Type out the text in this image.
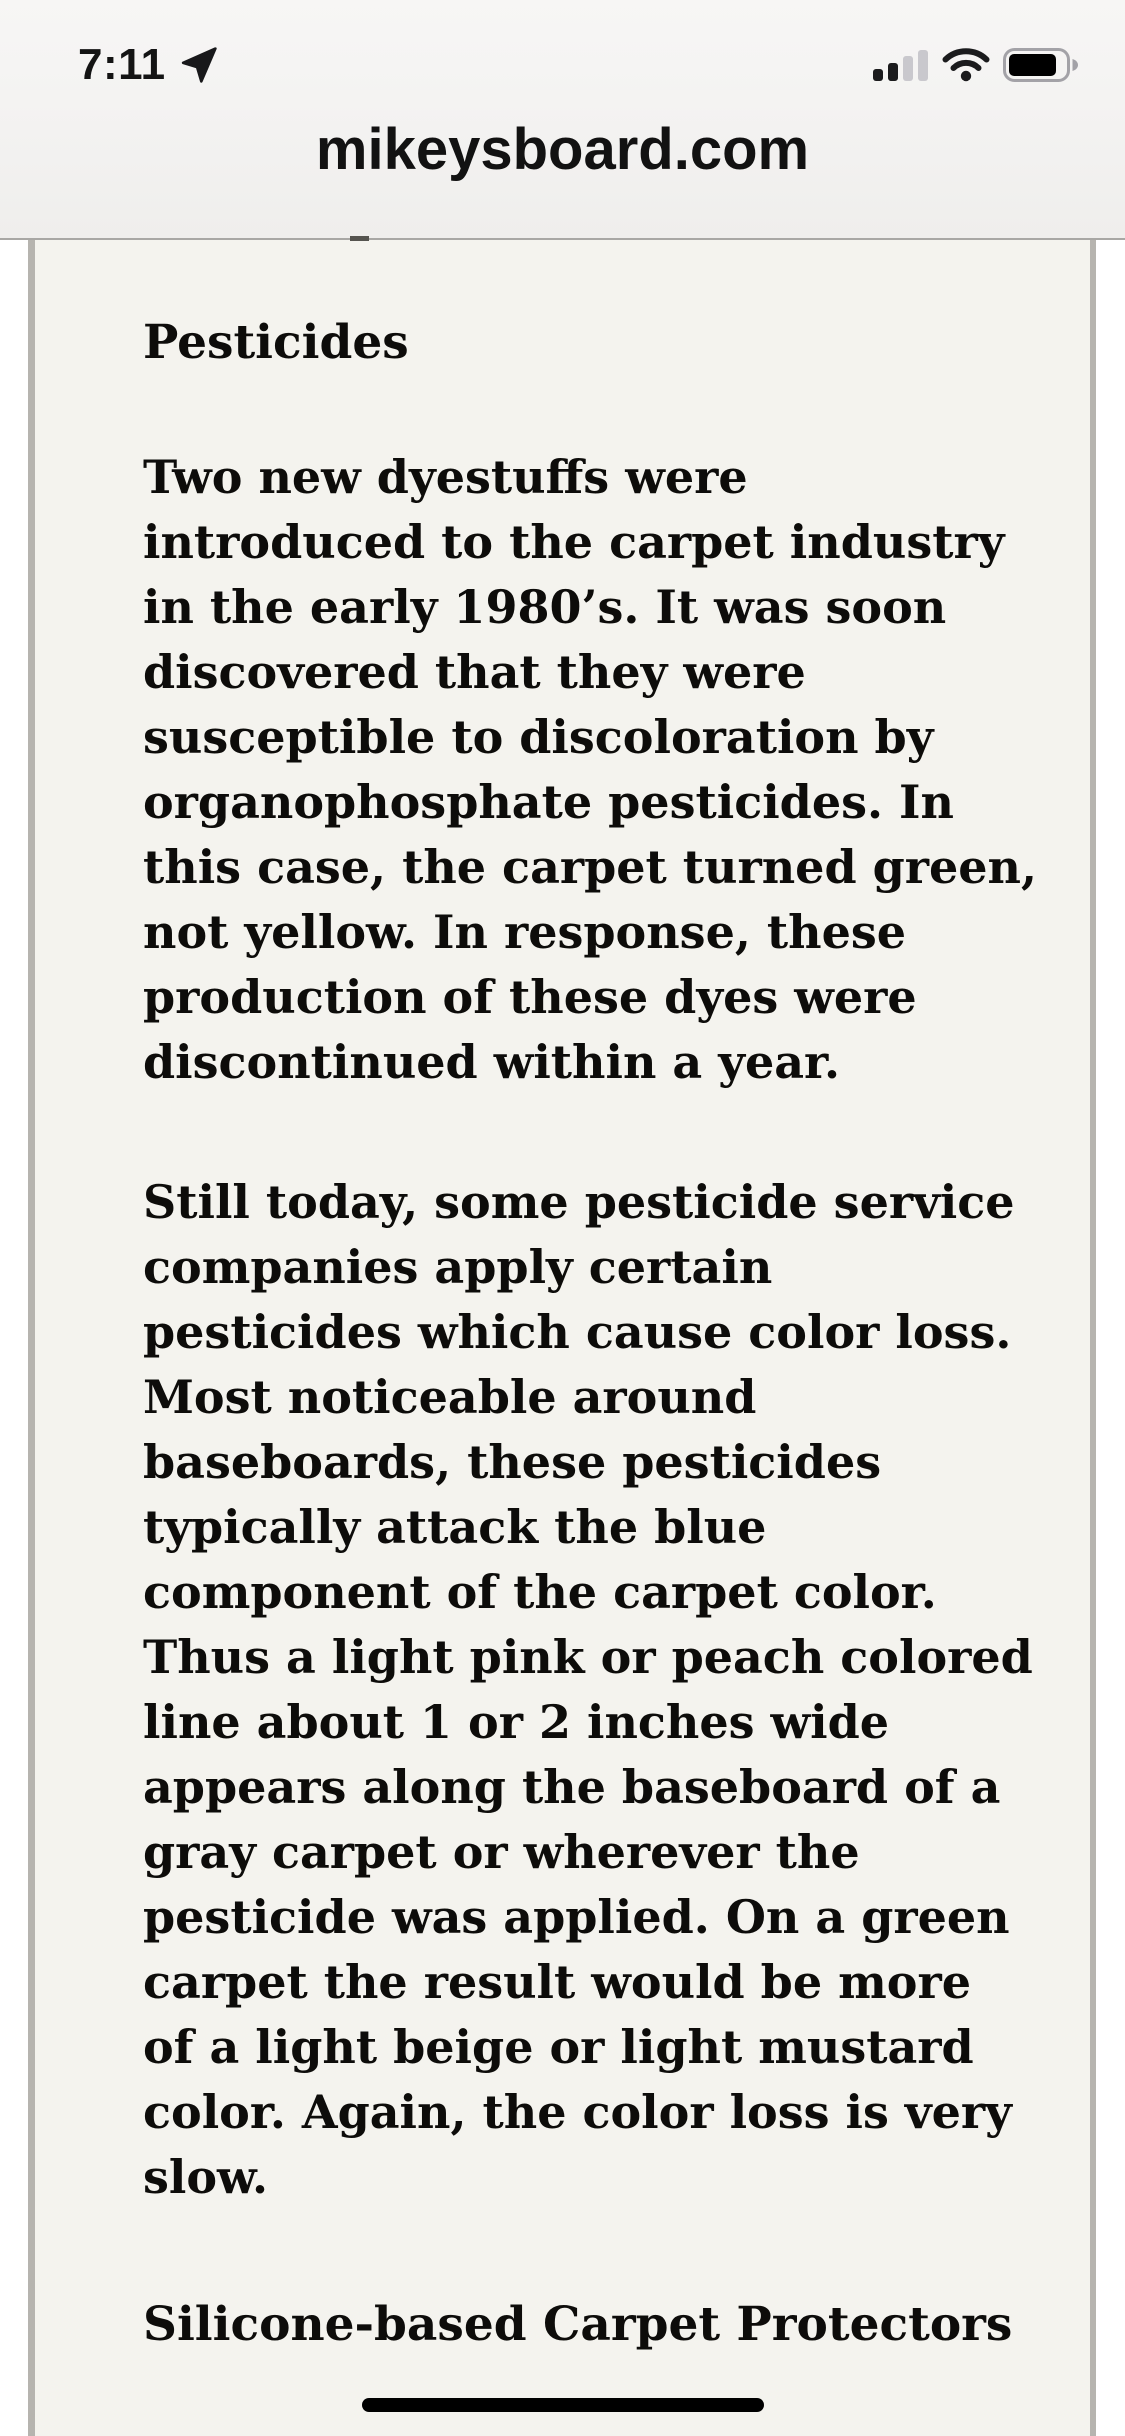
7:11
mikeysboard.com
Pesticides
Two new dyestuffs were
introduced to the carpet industry
in the early 1980’s. It was soon
discovered that they were
susceptible to discoloration by
organophosphate pesticides. In
this case, the carpet turned green,
not yellow. In response, these
production of these dyes were
discontinued within a year.
Still today, some pesticide service
companies apply certain
pesticides which cause color loss.
Most noticeable around
baseboards, these pesticides
typically attack the blue
component of the carpet color.
Thus a light pink or peach colored
line about 1 or 2 inches wide
appears along the baseboard of a
gray carpet or wherever the
pesticide was applied. On a green
carpet the result would be more
of a light beige or light mustard
color. Again, the color loss is very
slow.
Silicone-based Carpet Protectors
